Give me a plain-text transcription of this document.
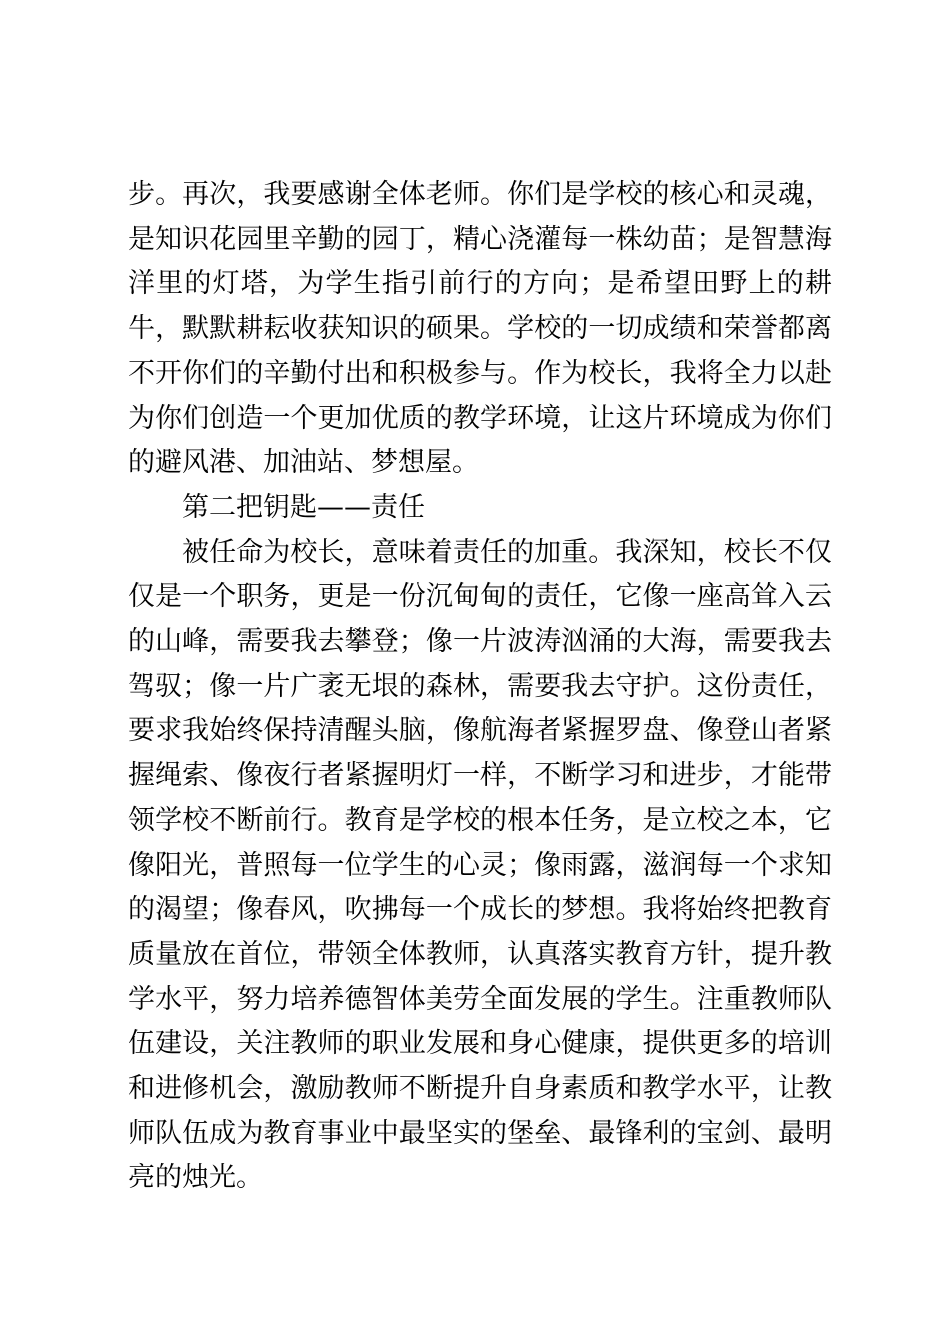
步。再次，我要感谢全体老师。你们是学校的核心和灵魂，是知识花园里辛勤的园丁，精心浇灌每一株幼苗；是智慧海洋里的灯塔，为学生指引前行的方向；是希望田野上的耕牛，默默耕耘收获知识的硕果。学校的一切成绩和荣誉都离不开你们的辛勤付出和积极参与。作为校长，我将全力以赴为你们创造一个更加优质的教学环境，让这片环境成为你们的避风港、加油站、梦想屋。

第二把钥匙——责任

被任命为校长，意味着责任的加重。我深知，校长不仅仅是一个职务，更是一份沉甸甸的责任，它像一座高耸入云的山峰，需要我去攀登；像一片波涛汹涌的大海，需要我去驾驭；像一片广袤无垠的森林，需要我去守护。这份责任，要求我始终保持清醒头脑，像航海者紧握罗盘、像登山者紧握绳索、像夜行者紧握明灯一样，不断学习和进步，才能带领学校不断前行。教育是学校的根本任务，是立校之本，它像阳光，普照每一位学生的心灵；像雨露，滋润每一个求知的渴望；像春风，吹拂每一个成长的梦想。我将始终把教育质量放在首位，带领全体教师，认真落实教育方针，提升教学水平，努力培养德智体美劳全面发展的学生。注重教师队伍建设，关注教师的职业发展和身心健康，提供更多的培训和进修机会，激励教师不断提升自身素质和教学水平，让教师队伍成为教育事业中最坚实的堡垒、最锋利的宝剑、最明亮的烛光。
